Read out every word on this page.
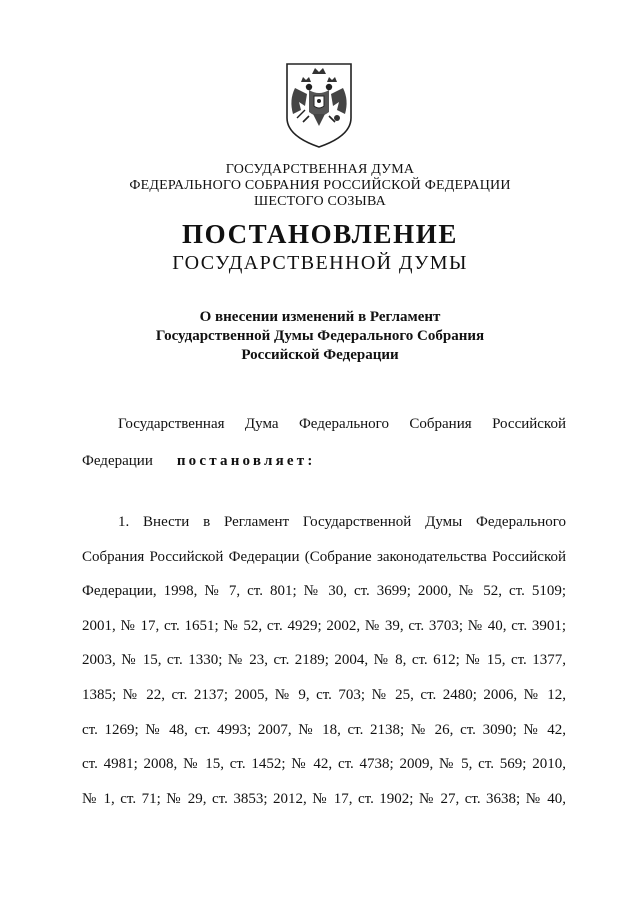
ГОСУДАРСТВЕННАЯ ДУМА
ФЕДЕРАЛЬНОГО СОБРАНИЯ РОССИЙСКОЙ ФЕДЕРАЦИИ
ШЕСТОГО СОЗЫВА

ПОСТАНОВЛЕНИЕ

ГОСУДАРСТВЕННОЙ ДУМЫ

О внесении изменений в Регламент
Государственной Думы Федерального Собрания
Российской Федерации

Государственная Дума Федерального Собрания Российской

Федерации постановляет:

1. Внести в Регламент Государственной Думы Федерального
Собрания Российской Федерации (Собрание законодательства Российской
Федерации, 1998, № 7, ст. 801; № 30, ст. 3699; 2000, № 52, ст. 5109;
2001, № 17, ст. 1651; № 52, ст. 4929; 2002, № 39, ст. 3703; № 40, ст. 3901;
2003, № 15, ст. 1330; № 23, ст. 2189; 2004, № 8, ст. 612; № 15, ст. 1377,
1385; № 22, ст. 2137; 2005, № 9, ст. 703; № 25, ст. 2480; 2006, № 12,
ст. 1269; № 48, ст. 4993; 2007, № 18, ст. 2138; № 26, ст. 3090; № 42,
ст. 4981; 2008, № 15, ст. 1452; № 42, ст. 4738; 2009, № 5, ст. 569; 2010,
№ 1, ст. 71; № 29, ст. 3853; 2012, № 17, ст. 1902; № 27, ст. 3638; № 40,
